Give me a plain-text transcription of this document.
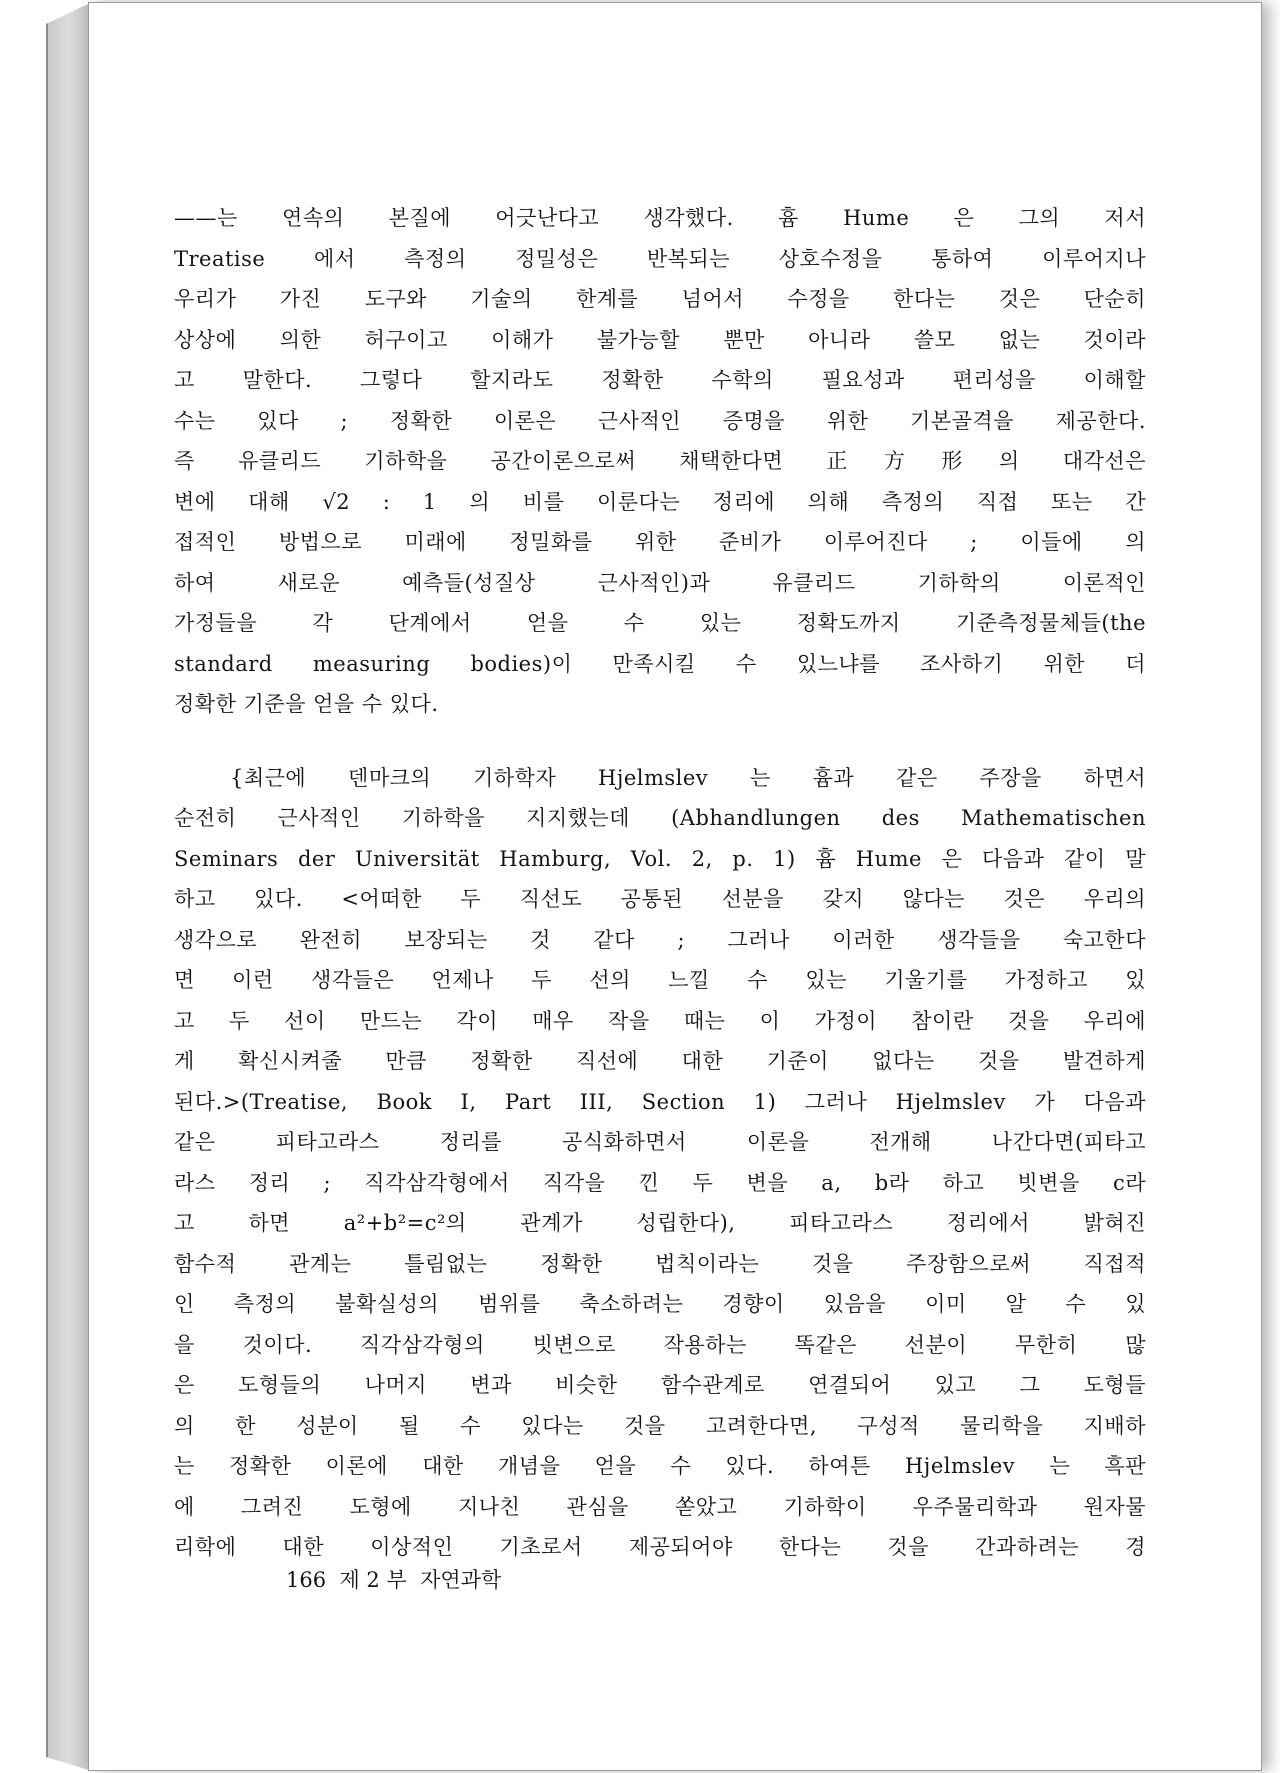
——는 연속의 본질에 어긋난다고 생각했다. 흄 Hume 은 그의 저서
Treatise 에서 측정의 정밀성은 반복되는 상호수정을 통하여 이루어지나
우리가 가진 도구와 기술의 한계를 넘어서 수정을 한다는 것은 단순히
상상에 의한 허구이고 이해가 불가능할 뿐만 아니라 쓸모 없는 것이라
고 말한다. 그렇다 할지라도 정확한 수학의 필요성과 편리성을 이해할
수는 있다 ; 정확한 이론은 근사적인 증명을 위한 기본골격을 제공한다.
즉 유클리드 기하학을 공간이론으로써 채택한다면 正方形의 대각선은
변에 대해 √2 : 1 의 비를 이룬다는 정리에 의해 측정의 직접 또는 간
접적인 방법으로 미래에 정밀화를 위한 준비가 이루어진다 ; 이들에 의
하여 새로운 예측들(성질상 근사적인)과 유클리드 기하학의 이론적인
가정들을 각 단계에서 얻을 수 있는 정확도까지 기준측정물체들(the
standard measuring bodies)이 만족시킬 수 있느냐를 조사하기 위한 더
정확한 기준을 얻을 수 있다.

{최근에 덴마크의 기하학자 Hjelmslev 는 흄과 같은 주장을 하면서
순전히 근사적인 기하학을 지지했는데 (Abhandlungen des Mathematischen
Seminars der Universität Hamburg, Vol. 2, p. 1) 흄 Hume 은 다음과 같이 말
하고 있다. <어떠한 두 직선도 공통된 선분을 갖지 않다는 것은 우리의
생각으로 완전히 보장되는 것 같다 ; 그러나 이러한 생각들을 숙고한다
면 이런 생각들은 언제나 두 선의 느낄 수 있는 기울기를 가정하고 있
고 두 선이 만드는 각이 매우 작을 때는 이 가정이 참이란 것을 우리에
게 확신시켜줄 만큼 정확한 직선에 대한 기준이 없다는 것을 발견하게
된다.>(Treatise, Book I, Part III, Section 1) 그러나 Hjelmslev 가 다음과
같은 피타고라스 정리를 공식화하면서 이론을 전개해 나간다면(피타고
라스 정리 ; 직각삼각형에서 직각을 낀 두 변을 a, b라 하고 빗변을 c라
고 하면 a²+b²=c²의 관계가 성립한다), 피타고라스 정리에서 밝혀진
함수적 관계는 틀림없는 정확한 법칙이라는 것을 주장함으로써 직접적
인 측정의 불확실성의 범위를 축소하려는 경향이 있음을 이미 알 수 있
을 것이다. 직각삼각형의 빗변으로 작용하는 똑같은 선분이 무한히 많
은 도형들의 나머지 변과 비슷한 함수관계로 연결되어 있고 그 도형들
의 한 성분이 될 수 있다는 것을 고려한다면, 구성적 물리학을 지배하
는 정확한 이론에 대한 개념을 얻을 수 있다. 하여튼 Hjelmslev 는 흑판
에 그려진 도형에 지나친 관심을 쏟았고 기하학이 우주물리학과 원자물
리학에 대한 이상적인 기초로서 제공되어야 한다는 것을 간과하려는 경

166 제 2 부  자연과학
